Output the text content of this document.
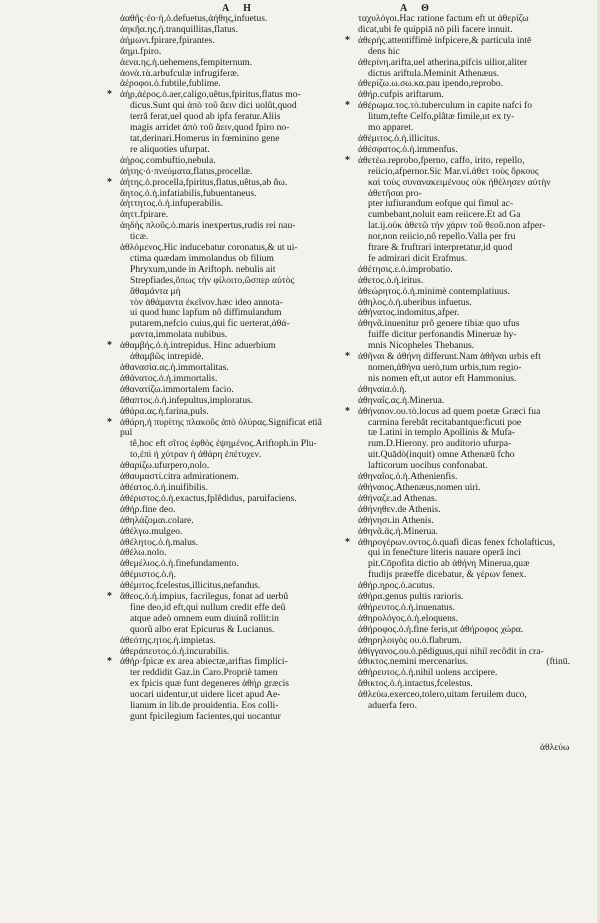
A H	A Θ
ἀαθῆς·ἐο·ἡ,ὁ.defuetus,ἀήθης,infuetus.
ἀηκῆα.ης.ἡ.tranquillitas,flatus.
ἀήμωνι.fpirare,fpirantes.
ἄημι.fpiro.
ἀενα.ης.ἡ.uehemens,fempiternum.
ἀονὰ.τὰ.arbufculæ infrugiferæ.
ἀέροφοι.ὁ.fubtile,fublime.
* ἀὴρ,ἀέρος.ὁ.aer,caligo,uêtus,fpiritus,flatus mo-
dicus.Sunt qui ἀπὸ τοῦ ἄειν dici uolût,quod
terrâ ferat,uel quod ab ipfa feratur.Aliis
magis arridet ἀπὸ τοῦ ἄειν,quod fpiro no-
tat,derinari.Homerus in fœminino gene
re aliquoties ufurpat.
ἀήρος.combuftio,nebula.
ἀήτης·ὁ·πνεύματα,flatus,procellæ.
* ἀήτης.ὁ.procella,fpiritus,flatus,uêtus,ab ἄω.
ἄητος.ὁ.ἡ.infatiabilis,fubuentaneus.
ἀήττητος.ὁ.ἡ.infuperabilis.
ἀηττ.fpirare.
ἀηδὴς πλοῦς.ὁ.maris inexpertus,rudis rei nau-
ticæ.
ἀθλόμενος.Hic inducebatur coronatus,& ut ui-
ctima quædam immolandus ob filium
Phryxum,unde in Ariftoph. nebulis ait
Strepfiades,ὅπως τὴν φίλοιτο,ὥσπερ αὐτὸς ἄθαμάντα μὴ
τὸν ἀθάμαντα ἐκεῖνον.hæc ideo annota-
ui quod hunc lapfum nô diffimulandum
putarem,nefcio cuius,qui fic uerterat,ἀθά-
μαντα,immolata nubibus.
* ἀθαμβής.ὁ.ἡ.intrepidus. Hinc aduerbium
ἀθαμβῶς intrepidè.
ἀθανασία.ας.ἡ.immortalitas.
ἀθάνατος.ὁ.ἡ.immortalis.
ἀθανατίζω.immortalem facio.
ἄθαπτος.ὁ.ἡ.infepultus,imploratus.
ἀθάρα.ας.ἡ.farina,puls.
* ἀθάρη,ἡ πυρίτης πλακοῦς ἀπὸ ὀλύρας.Significat etiâ pul
tê,hoc eft σῖτος ἑφθὸς ἐψημένος.Ariftoph.in Plu-
to,ἐπὶ ἡ χύτραν ἡ ἀθάρη ἐπέτυχεν.
ἀθαρίζω.ufurpero,nolo.
ἀθαυμαστί.citra admirationem.
ἀθέατος.ὁ.ἡ.inuifibilis.
ἀθέριστος.ὁ.ἡ.exactus,fplêdidus, paruifaciens.
ἀθήρ.fine deo.
ἀθηλάζομαι.colare.
ἀθέλγω.mulgeo.
ἀθέλητος.ὁ.ἡ.malus.
ἀθέλω.nolo.
ἀθεμέλιος.ὁ.ἡ.finefundamento.
ἀθέμιστος.ὁ.ἡ.
ἀθέμιτος.fcelestus,illicitus,nefandus.
* ἄθεος.ὁ.ἡ.impius, facrilegus, fonat ad uerbû
fine deo,id eft,qui nullum credit effe deû
atque adeò omnem eum diuinâ rollit:in
quorû albo erat Epicurus & Lucianus.
ἀθεότης.ητος.ἡ.impietas.
ἀθεράπευτος.ὁ.ἡ.incurabilis.
* ἀθήρ·fpicæ ex area abiectæ,ariftas fimplici-
ter reddidit Gaz.in Caro.Propriè tamen
ex fpicis quæ funt degeneres ἀθήρ græcis
uocari uidentur,ut uidere licet apud Ae-
lianum in lib.de prouidentia. Eos colli-
gunt fpicilegium facientes,qui uocantur
ταχυλόγοι.Hac ratione factum eft ut ἀθερίζω
dicat,ubi fe quippiā nō pili facere innuit.
* ἀθερής.attentiffimè infpicere,& particula intē
dens hic
ἀθερίνη.arifta,uel atherina,pifcis uilior,aliter
dictus ariftula.Meminit Athenæus.
ἀθερίζω.ω.σω.κα.pau ipendo,reprobo.
ἀθήρ.cufpis ariftarum.
* ἀθέρωμα.τος.τὸ.tuberculum in capite nafci fo
litum,tefte Celfo,plâtæ fimile,ut ex ty-
mo apparet.
ἀθέμιτος.ὁ.ἡ.illicitus.
ἀθέσφατος.ὁ.ἡ.immenfus.
* ἀθετέω.reprobo,fperno, caffo, irito, repello,
reiicio,afpernor.Sic Mar.vi.ἀθετ τοὺς ὅρκους
καὶ τοὺς συνανακειμένους οὐκ ἠθέλησεν αὐτὴν ἀθετῆσαι pro-
pter iufiurandum eofque qui fimul ac-
cumbebant,noluit eam reiicere.Et ad Ga
lat.ij.οὐκ ἀθετῶ τὴν χάριν τοῦ θεοῦ.non afper-
nor,non reiicio,nô repello.Valla per fru
ftrare & fruftrari interpretatur,id quod
fe admirari dicit Erafmus.
ἀθέτησις.ε.ὁ.improbatio.
ἀθετος.ὁ.ἡ.iritus.
ἀθεώρητος.ὁ.ἡ.minimè contemplatiuus.
ἀθηλος.ὁ.ἡ.uberibus infuetus.
ἀθήνατος.indomitus,afper.
ἀθηνᾶ.inuenitur prô genere tibiæ quo ufus
fuiffe dicitur perfonandis Mineruæ hy-
mnis Nicopheles Thebanus.
* ἀθῆναι & ἀθήνη differunt.Nam ἀθῆναι urbis eft
nomen,ἀθήνα uerò,tum urbis,tum regio-
nis nomen eft,ut autor eft Hammonius.
ἀθηναία.ὁ.ἡ.
ἀθηναΐς.ας.ἡ.Minerua.
* ἀθήναιον.ου.τὸ.locus ad quem poetæ Græci fua
carmina ferebât recitabantque:ficuti poe
tæ Latini in templo Apollinis & Mufa-
rum.D.Hierony. pro auditorio ufurpa-
uit.Quādò(inquit) omne Athenæū fcho
lafticorum uocibus confonabat.
ἀθηναῖος.ὁ.ἡ.Athenienfis.
ἀθήναιος.Athenæus,nomen uiri.
ἀθήναζε.ad Athenas.
ἀθήνηθεν.de Athenis.
ἀθήνησι.in Athenis.
ἀθηνᾶ.ᾶς.ἡ.Minerua.
* ἀθηρογέρων.οντος.ὁ.quafi dicas fenex fcholafticus,
qui in feneĉture literis nauare operā inci
pit.Cōpofita dictio ab ἀθήνη Minerua,quæ
ftudijs præeffe dicebatur, & γέρων fenex.
ἀθήρ.ηρος.ὁ.acutus.
ἀθήρα.genus pultis rarioris.
ἀθήρευτος.ὁ.ἡ.inuenatus.
ἀθηρολόγος.ὁ.ἡ.eloquens.
ἀθήροφος.ὁ.ἡ.fine feris,ut ἀθήροφος χώρα.
ἀθηρηλοιγὸς ου.ὁ.flabrum.
ἀθίγγανος.ου.ὁ.pēdiguus,qui nihil recôdit in cra-
ἀθικτος.nemini mercenarius.	(ftinū.
ἀθήρευτος.ὁ.ἡ.nihil uolens accipere.
ἄθικτος.ὁ.ἡ.intactus,fcelestus.
ἀθλεύω.exerceo,tolero,uitam feruilem duco,
aduerfa fero.
ἀθλεύω
